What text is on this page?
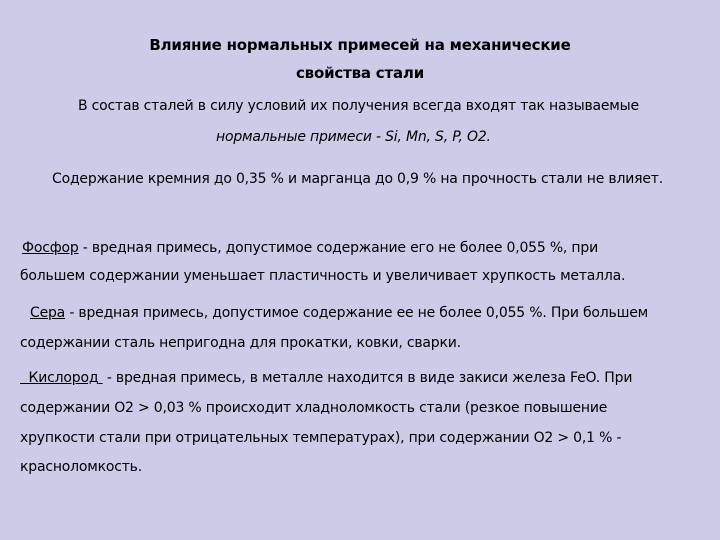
Влияние нормальных примесей на механические
свойства стали
В состав сталей в силу условий их получения всегда входят так называемые
нормальные примеси - Si, Mn, S, P, O2.
Содержание кремния до 0,35 % и марганца до 0,9 % на прочность стали не влияет.
Фосфор - вредная примесь, допустимое содержание его не более 0,055 %, при
большем содержании уменьшает пластичность и увеличивает хрупкость металла.
Сера - вредная примесь, допустимое содержание ее не более 0,055 %. При большем
содержании сталь непригодна для прокатки, ковки, сварки.
Кислород  - вредная примесь, в металле находится в виде закиси железа FeO. При
содержании О2 > 0,03 % происходит хладноломкость стали (резкое повышение
хрупкости стали при отрицательных температурах), при содержании О2 > 0,1 % -
красноломкость.
